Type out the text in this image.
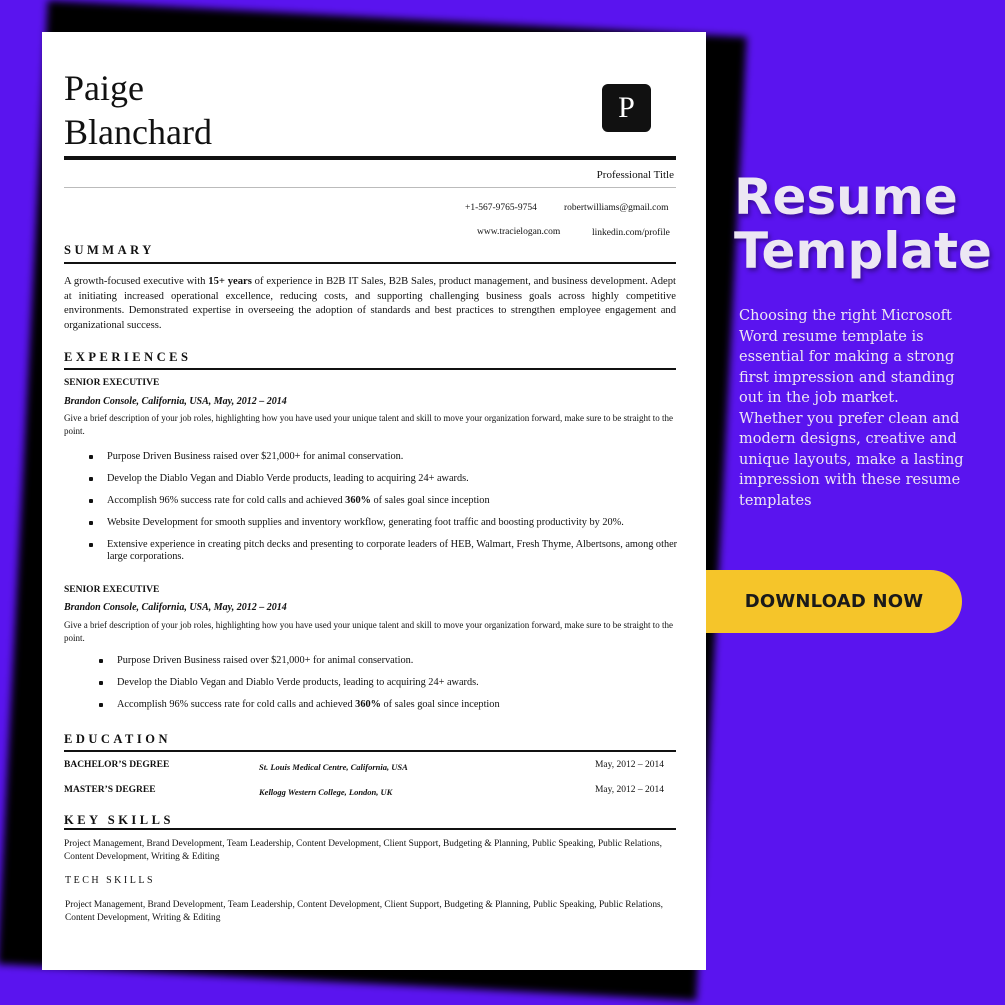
Paige
Blanchard
P
Professional Title
+1-567-9765-9754	robertwilliams@gmail.com
www.tracielogan.com	linkedin.com/profile
SUMMARY
A growth-focused executive with 15+ years of experience in B2B IT Sales, B2B Sales, product management, and business development. Adept at initiating increased operational excellence, reducing costs, and supporting challenging business goals across highly competitive environments. Demonstrated expertise in overseeing the adoption of standards and best practices to strengthen employee engagement and organizational success.
EXPERIENCES
SENIOR EXECUTIVE
Brandon Console, California, USA, May, 2012 – 2014
Give a brief description of your job roles, highlighting how you have used your unique talent and skill to move your organization forward, make sure to be straight to the point.
Purpose Driven Business raised over $21,000+ for animal conservation.
Develop the Diablo Vegan and Diablo Verde products, leading to acquiring 24+ awards.
Accomplish 96% success rate for cold calls and achieved 360% of sales goal since inception
Website Development for smooth supplies and inventory workflow, generating foot traffic and boosting productivity by 20%.
Extensive experience in creating pitch decks and presenting to corporate leaders of HEB, Walmart, Fresh Thyme, Albertsons, among other large corporations.
SENIOR EXECUTIVE
Brandon Console, California, USA, May, 2012 – 2014
Give a brief description of your job roles, highlighting how you have used your unique talent and skill to move your organization forward, make sure to be straight to the point.
Purpose Driven Business raised over $21,000+ for animal conservation.
Develop the Diablo Vegan and Diablo Verde products, leading to acquiring 24+ awards.
Accomplish 96% success rate for cold calls and achieved 360% of sales goal since inception
EDUCATION
BACHELOR’S DEGREE	St. Louis Medical Centre, California, USA	May, 2012 – 2014
MASTER’S DEGREE	Kellogg Western College, London, UK	May, 2012 – 2014
KEY SKILLS
Project Management, Brand Development, Team Leadership, Content Development, Client Support, Budgeting & Planning, Public Speaking, Public Relations, Content Development, Writing & Editing
TECH SKILLS
Project Management, Brand Development, Team Leadership, Content Development, Client Support, Budgeting & Planning, Public Speaking, Public Relations, Content Development, Writing & Editing
Resume
Template
Choosing the right Microsoft Word resume template is essential for making a strong first impression and standing out in the job market. Whether you prefer clean and modern designs, creative and unique layouts, make a lasting impression with these resume templates
DOWNLOAD NOW
